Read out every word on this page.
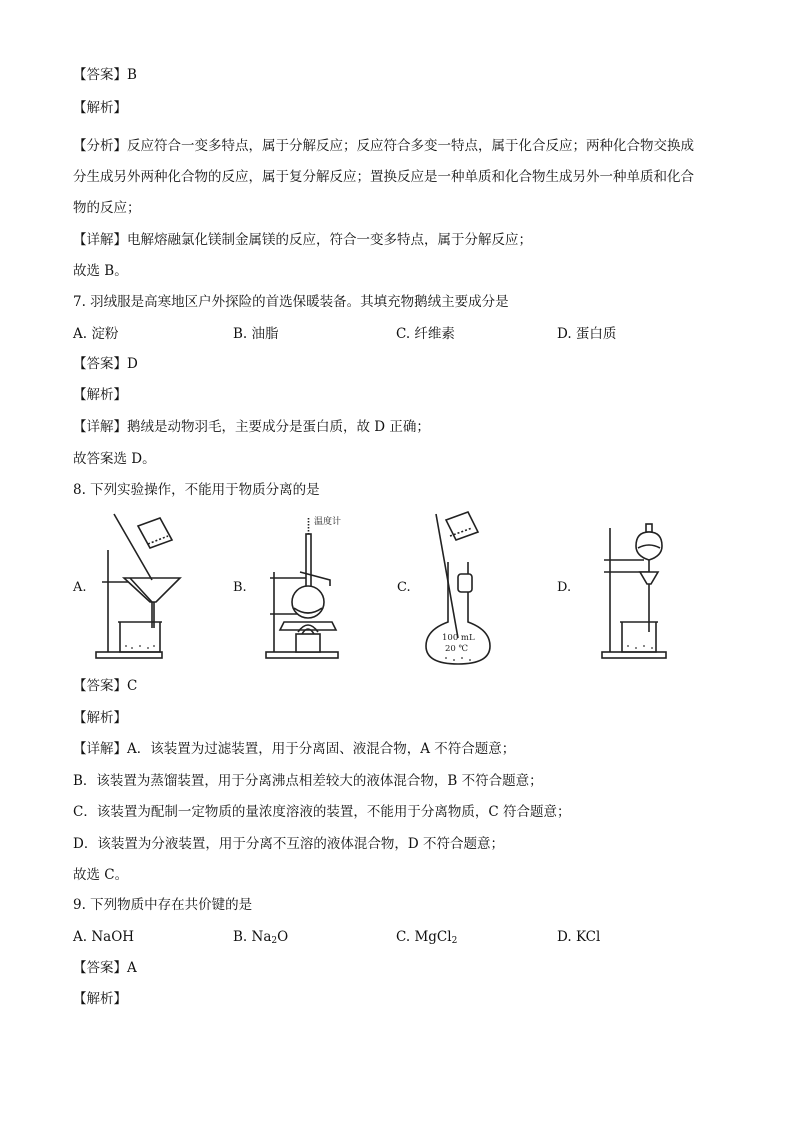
【答案】B
【解析】
【分析】反应符合一变多特点，属于分解反应；反应符合多变一特点，属于化合反应；两种化合物交换成
分生成另外两种化合物的反应，属于复分解反应；置换反应是一种单质和化合物生成另外一种单质和化合
物的反应；
【详解】电解熔融氯化镁制金属镁的反应，符合一变多特点，属于分解反应；
故选 B。
7. 羽绒服是高寒地区户外探险的首选保暖装备。其填充物鹅绒主要成分是
A. 淀粉	B. 油脂	C. 纤维素	D. 蛋白质
【答案】D
【解析】
【详解】鹅绒是动物羽毛，主要成分是蛋白质，故 D 正确；
故答案选 D。
8. 下列实验操作，不能用于物质分离的是
A.	B.	C.	D.
温度计
100 mL
20 ℃
【答案】C
【解析】
【详解】A．该装置为过滤装置，用于分离固、液混合物，A 不符合题意；
B．该装置为蒸馏装置，用于分离沸点相差较大的液体混合物，B 不符合题意；
C．该装置为配制一定物质的量浓度溶液的装置，不能用于分离物质，C 符合题意；
D．该装置为分液装置，用于分离不互溶的液体混合物，D 不符合题意；
故选 C。
9. 下列物质中存在共价键的是
A. NaOH	B. $Na_2O$	C. MgCl$_2$	D. KCl
【答案】A
【解析】
